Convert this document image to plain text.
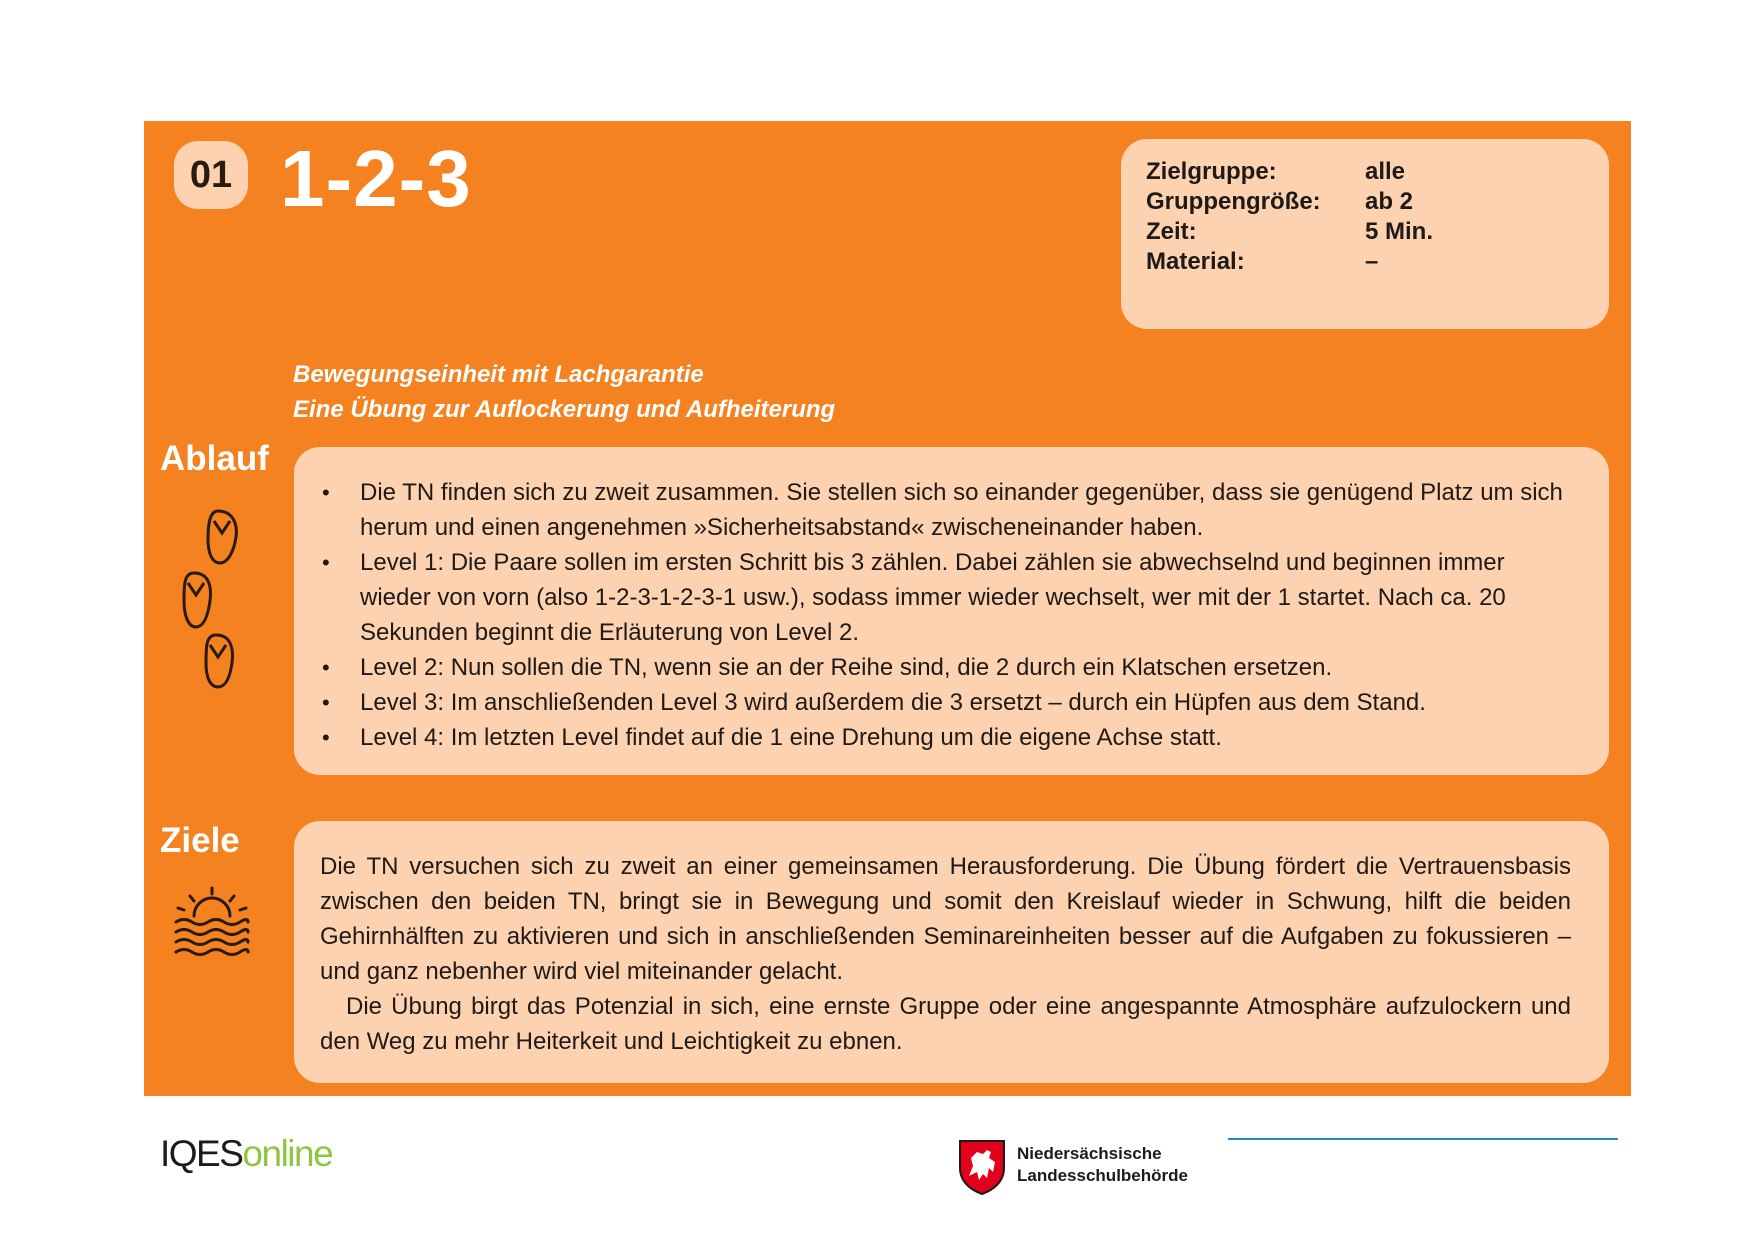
01 1-2-3	Zielgruppe:	alle
Gruppengröße:	ab 2
Zeit:	5 Min.
Material:	–
Bewegungseinheit mit Lachgarantie
Eine Übung zur Auflockerung und Aufheiterung
Ablauf
• Die TN finden sich zu zweit zusammen. Sie stellen sich so einander gegenüber, dass sie genügend Platz um sich herum und einen angenehmen »Sicherheitsabstand« zwischeneinander haben.
• Level 1: Die Paare sollen im ersten Schritt bis 3 zählen. Dabei zählen sie abwechselnd und beginnen immer wieder von vorn (also 1-2-3-1-2-3-1 usw.), sodass immer wieder wechselt, wer mit der 1 startet. Nach ca. 20 Sekunden beginnt die Erläuterung von Level 2.
• Level 2: Nun sollen die TN, wenn sie an der Reihe sind, die 2 durch ein Klatschen ersetzen.
• Level 3: Im anschließenden Level 3 wird außerdem die 3 ersetzt – durch ein Hüpfen aus dem Stand.
• Level 4: Im letzten Level findet auf die 1 eine Drehung um die eigene Achse statt.
Ziele

Die TN versuchen sich zu zweit an einer gemeinsamen Herausforderung. Die Übung fördert die Vertrauensbasis zwischen den beiden TN, bringt sie in Bewegung und somit den Kreislauf wieder in Schwung, hilft die beiden Gehirnhälften zu aktivieren und sich in anschließenden Seminareinheiten besser auf die Aufgaben zu fokussieren – und ganz nebenher wird viel miteinander gelacht.

Die Übung birgt das Potenzial in sich, eine ernste Gruppe oder eine angespannte Atmosphäre aufzulockern und den Weg zu mehr Heiterkeit und Leichtigkeit zu ebnen.

IQESonline	Niedersächsische
Landesschulbehörde
